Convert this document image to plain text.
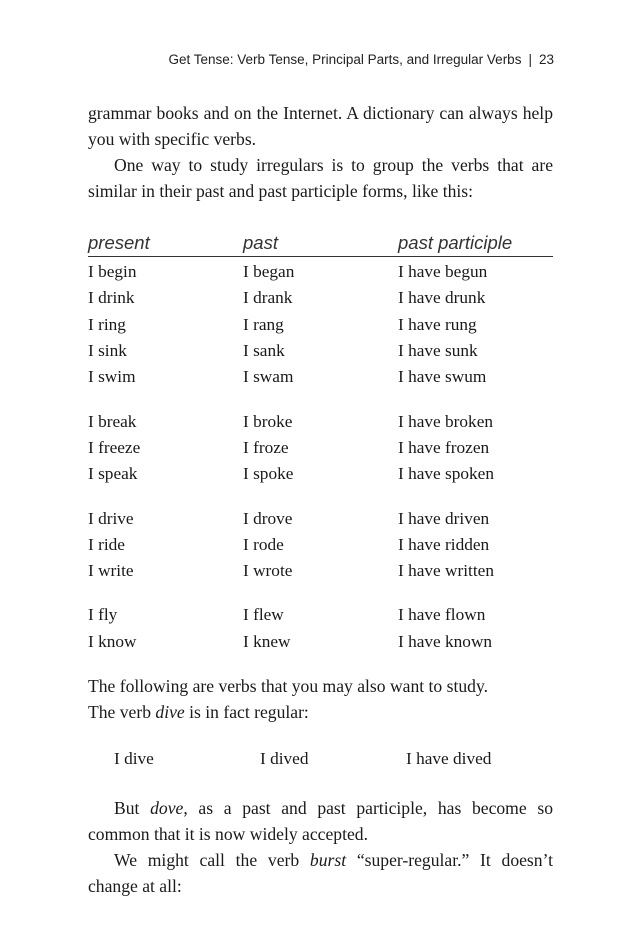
Get Tense: Verb Tense, Principal Parts, and Irregular Verbs | 23

grammar books and on the Internet. A dictionary can always help you with specific verbs.

One way to study irregulars is to group the verbs that are similar in their past and past participle forms, like this:

present	past	past participle
I begin	I began	I have begun
I drink	I drank	I have drunk
I ring	I rang	I have rung
I sink	I sank	I have sunk
I swim	I swam	I have swum
I break	I broke	I have broken
I freeze	I froze	I have frozen
I speak	I spoke	I have spoken
I drive	I drove	I have driven
I ride	I rode	I have ridden
I write	I wrote	I have written
I fly	I flew	I have flown
I know	I knew	I have known

The following are verbs that you may also want to study.
The verb dive is in fact regular:

I dive	I dived	I have dived

But dove, as a past and past participle, has become so common that it is now widely accepted.

We might call the verb burst “super-regular.” It doesn’t change at all:
